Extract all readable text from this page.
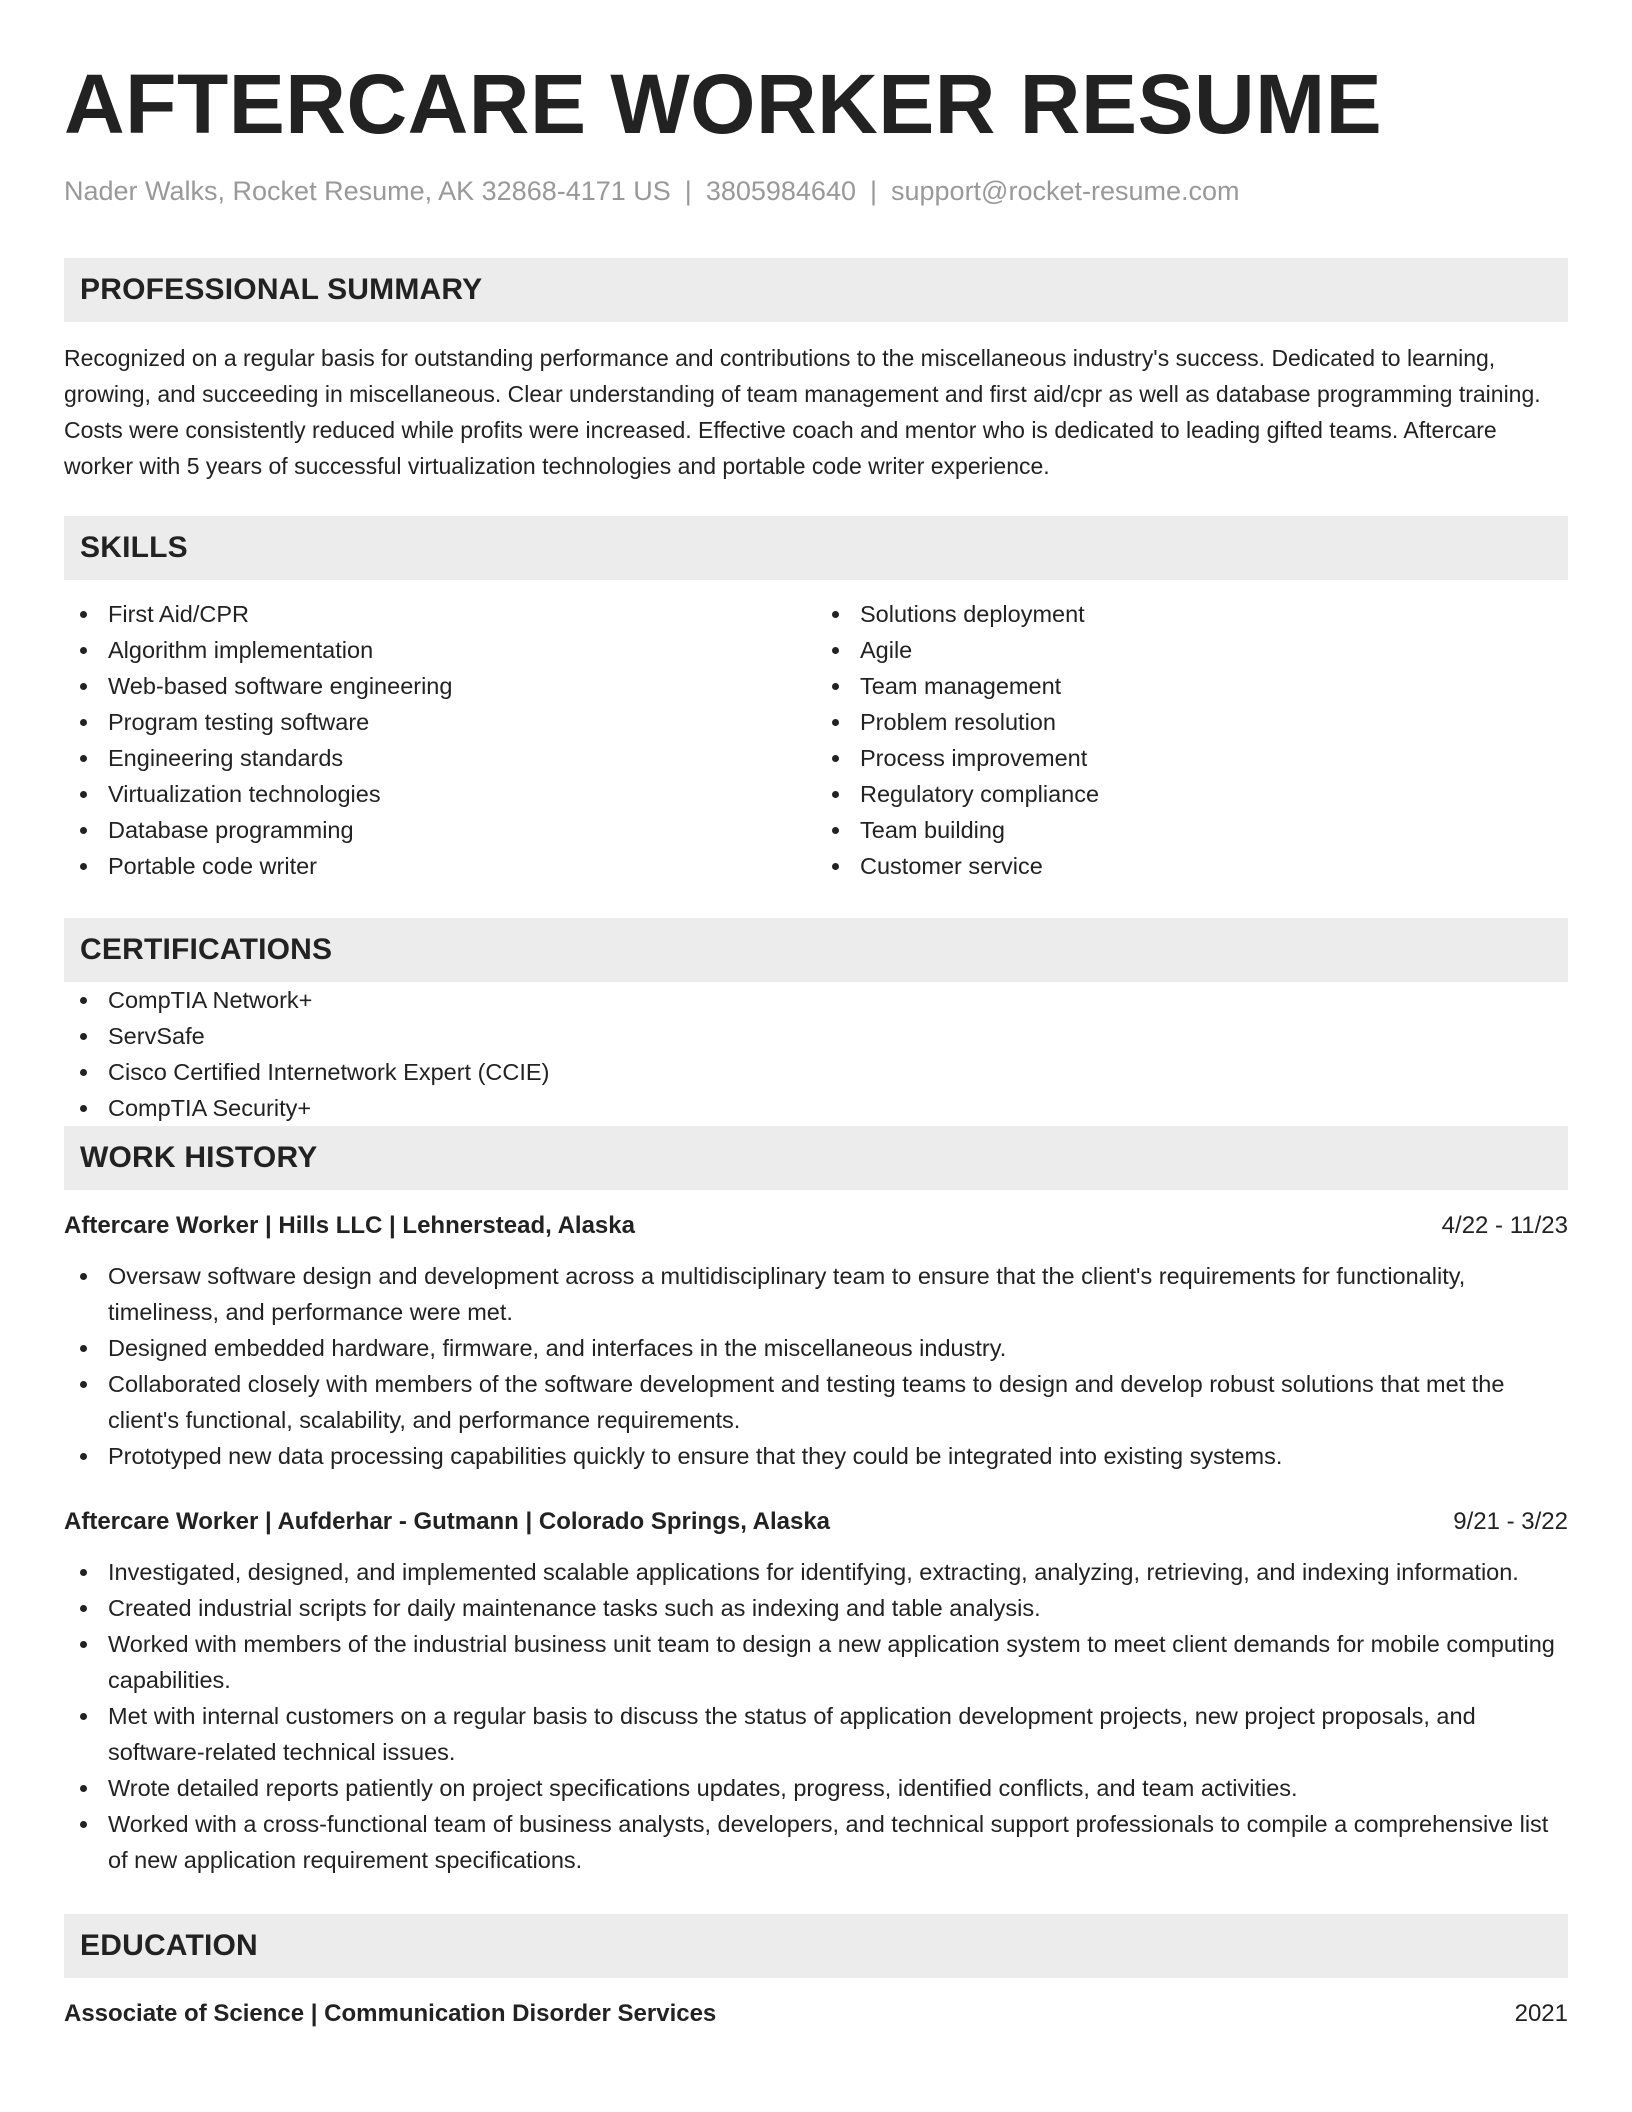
AFTERCARE WORKER RESUME
Nader Walks, Rocket Resume, AK 32868-4171 US | 3805984640 | support@rocket-resume.com
PROFESSIONAL SUMMARY

Recognized on a regular basis for outstanding performance and contributions to the miscellaneous industry's success. Dedicated to learning, growing, and succeeding in miscellaneous. Clear understanding of team management and first aid/cpr as well as database programming training. Costs were consistently reduced while profits were increased. Effective coach and mentor who is dedicated to leading gifted teams. Aftercare worker with 5 years of successful virtualization technologies and portable code writer experience.

SKILLS
First Aid/CPR
Algorithm implementation
Web-based software engineering
Program testing software
Engineering standards
Virtualization technologies
Database programming
Portable code writer
Solutions deployment
Agile
Team management
Problem resolution
Process improvement
Regulatory compliance
Team building
Customer service
CERTIFICATIONS
CompTIA Network+
ServSafe
Cisco Certified Internetwork Expert (CCIE)
CompTIA Security+
WORK HISTORY
Aftercare Worker | Hills LLC | Lehnerstead, Alaska	4/22 - 11/23
Oversaw software design and development across a multidisciplinary team to ensure that the client's requirements for functionality, timeliness, and performance were met.
Designed embedded hardware, firmware, and interfaces in the miscellaneous industry.
Collaborated closely with members of the software development and testing teams to design and develop robust solutions that met the client's functional, scalability, and performance requirements.
Prototyped new data processing capabilities quickly to ensure that they could be integrated into existing systems.
Aftercare Worker | Aufderhar - Gutmann | Colorado Springs, Alaska	9/21 - 3/22
Investigated, designed, and implemented scalable applications for identifying, extracting, analyzing, retrieving, and indexing information.
Created industrial scripts for daily maintenance tasks such as indexing and table analysis.
Worked with members of the industrial business unit team to design a new application system to meet client demands for mobile computing capabilities.
Met with internal customers on a regular basis to discuss the status of application development projects, new project proposals, and software-related technical issues.
Wrote detailed reports patiently on project specifications updates, progress, identified conflicts, and team activities.
Worked with a cross-functional team of business analysts, developers, and technical support professionals to compile a comprehensive list of new application requirement specifications.
EDUCATION
Associate of Science | Communication Disorder Services	2021
